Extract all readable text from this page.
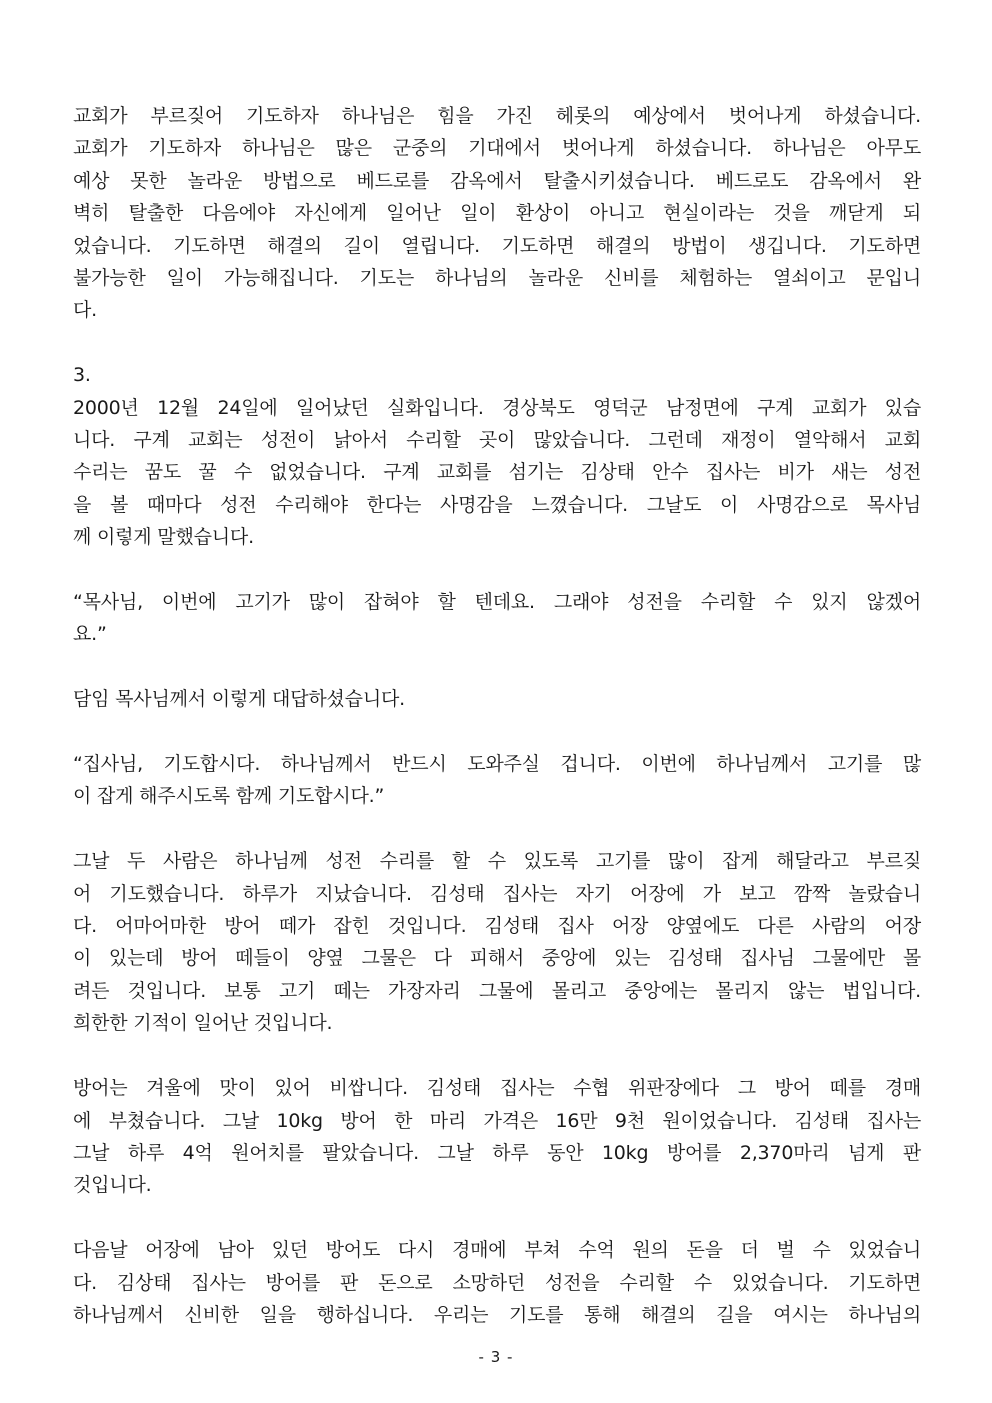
교회가 부르짖어 기도하자 하나님은 힘을 가진 헤롯의 예상에서 벗어나게 하셨습니다.
교회가 기도하자 하나님은 많은 군중의 기대에서 벗어나게 하셨습니다. 하나님은 아무도
예상 못한 놀라운 방법으로 베드로를 감옥에서 탈출시키셨습니다. 베드로도 감옥에서 완
벽히 탈출한 다음에야 자신에게 일어난 일이 환상이 아니고 현실이라는 것을 깨닫게 되
었습니다. 기도하면 해결의 길이 열립니다. 기도하면 해결의 방법이 생깁니다. 기도하면
불가능한 일이 가능해집니다. 기도는 하나님의 놀라운 신비를 체험하는 열쇠이고 문입니
다.

3.
2000년 12월 24일에 일어났던 실화입니다. 경상북도 영덕군 남정면에 구계 교회가 있습
니다. 구계 교회는 성전이 낡아서 수리할 곳이 많았습니다. 그런데 재정이 열악해서 교회
수리는 꿈도 꿀 수 없었습니다. 구계 교회를 섬기는 김상태 안수 집사는 비가 새는 성전
을 볼 때마다 성전 수리해야 한다는 사명감을 느꼈습니다. 그날도 이 사명감으로 목사님
께 이렇게 말했습니다.

“목사님, 이번에 고기가 많이 잡혀야 할 텐데요. 그래야 성전을 수리할 수 있지 않겠어
요.”

담임 목사님께서 이렇게 대답하셨습니다.

“집사님, 기도합시다. 하나님께서 반드시 도와주실 겁니다. 이번에 하나님께서 고기를 많
이 잡게 해주시도록 함께 기도합시다.”

그날 두 사람은 하나님께 성전 수리를 할 수 있도록 고기를 많이 잡게 해달라고 부르짖
어 기도했습니다. 하루가 지났습니다. 김성태 집사는 자기 어장에 가 보고 깜짝 놀랐습니
다. 어마어마한 방어 떼가 잡힌 것입니다. 김성태 집사 어장 양옆에도 다른 사람의 어장
이 있는데 방어 떼들이 양옆 그물은 다 피해서 중앙에 있는 김성태 집사님 그물에만 몰
려든 것입니다. 보통 고기 떼는 가장자리 그물에 몰리고 중앙에는 몰리지 않는 법입니다.
희한한 기적이 일어난 것입니다.

방어는 겨울에 맛이 있어 비쌉니다. 김성태 집사는 수협 위판장에다 그 방어 떼를 경매
에 부쳤습니다. 그날 10kg 방어 한 마리 가격은 16만 9천 원이었습니다. 김성태 집사는
그날 하루 4억 원어치를 팔았습니다. 그날 하루 동안 10kg 방어를 2,370마리 넘게 판
것입니다.

다음날 어장에 남아 있던 방어도 다시 경매에 부쳐 수억 원의 돈을 더 벌 수 있었습니
다. 김상태 집사는 방어를 판 돈으로 소망하던 성전을 수리할 수 있었습니다. 기도하면
하나님께서 신비한 일을 행하십니다. 우리는 기도를 통해 해결의 길을 여시는 하나님의

- 3 -
